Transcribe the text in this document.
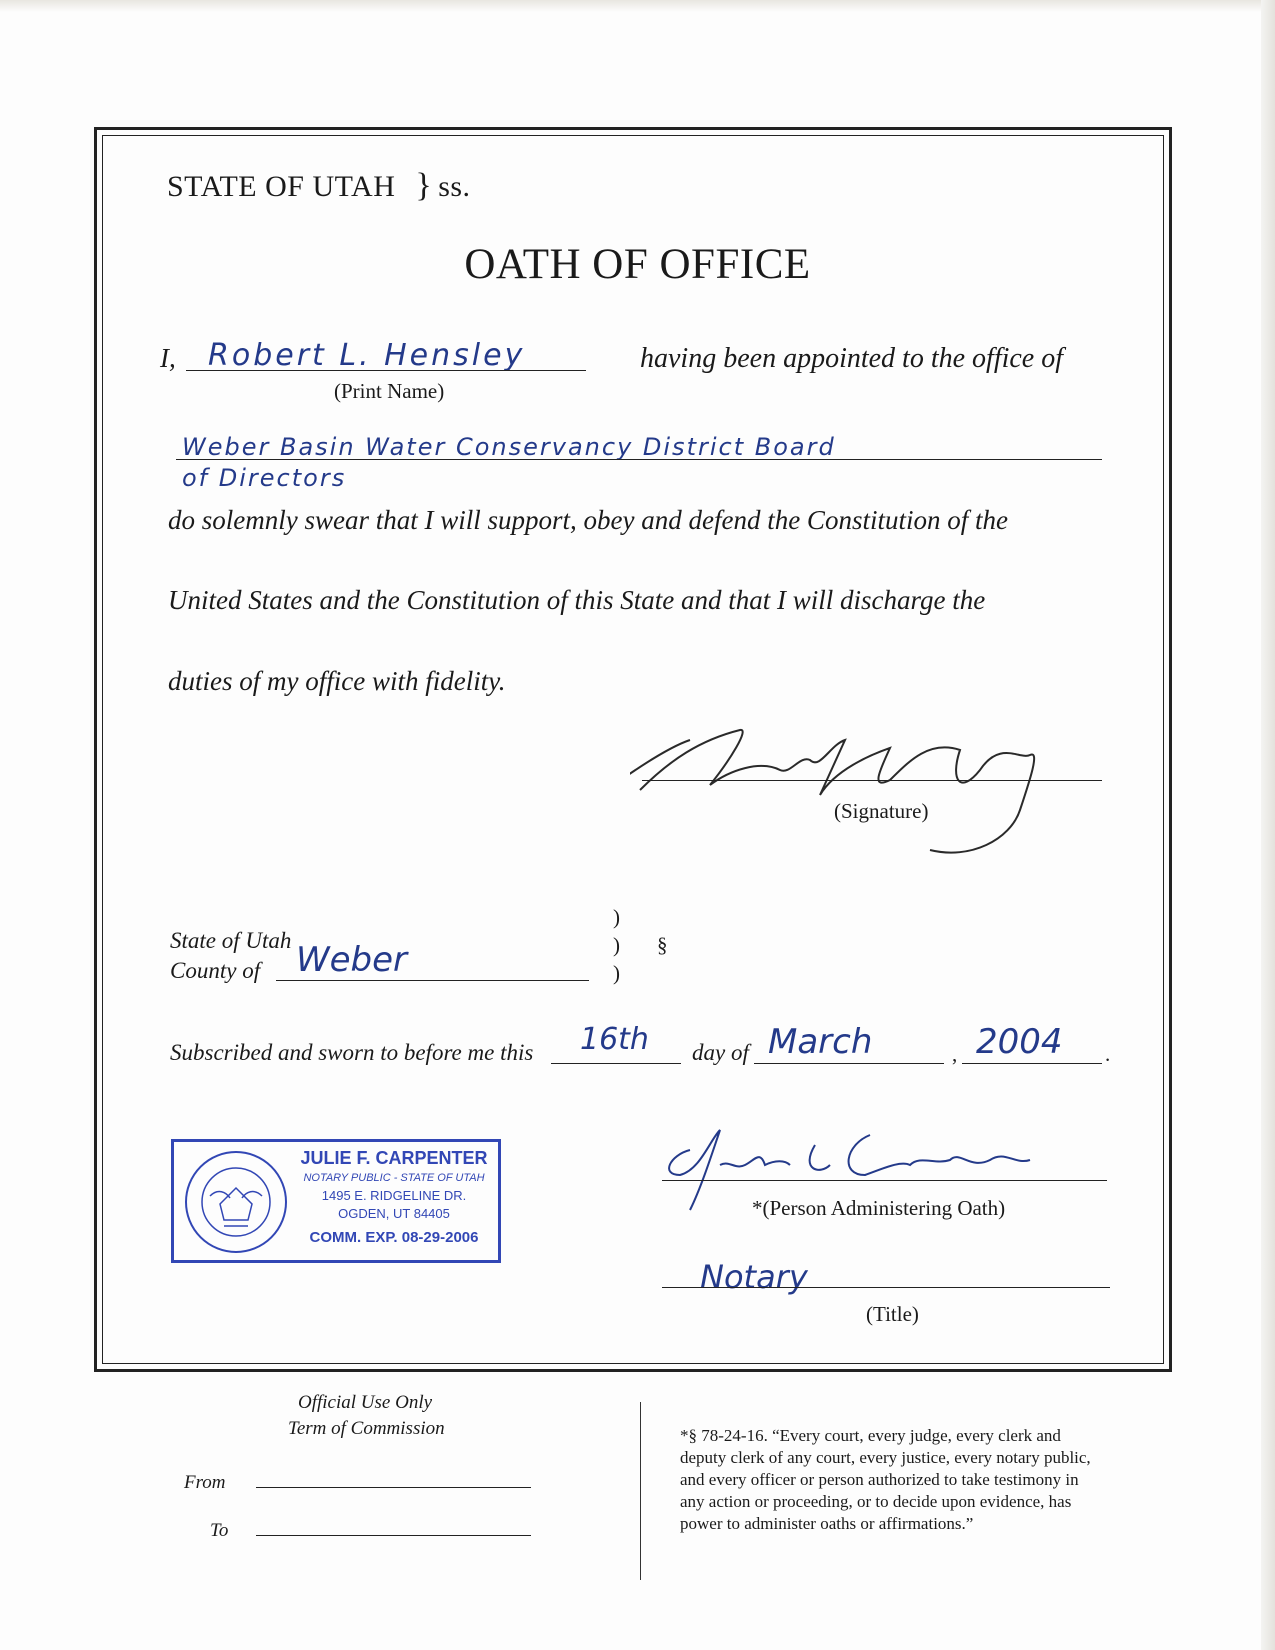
STATE OF UTAH } ss.
OATH OF OFFICE
I, Robert L. Hensley
(Print Name)
having been appointed to the office of
Weber Basin Water Conservancy District Board
of Directors
do solemnly swear that I will support, obey and defend the Constitution of the
United States and the Constitution of this State and that I will discharge the
duties of my office with fidelity.
(Signature)
State of Utah
County of Weber
)
)
)
§
Subscribed and sworn to before me this 16th day of March	, 2004 .
JULIE F. CARPENTER
NOTARY PUBLIC - STATE OF UTAH
1495 E. RIDGELINE DR.
OGDEN, UT 84405
COMM. EXP. 08-29-2006
*(Person Administering Oath)
Notary
(Title)
Official Use Only
Term of Commission
From
To
*§ 78-24-16. “Every court, every judge, every clerk and
deputy clerk of any court, every justice, every notary public,
and every officer or person authorized to take testimony in
any action or proceeding, or to decide upon evidence, has
power to administer oaths or affirmations.”
